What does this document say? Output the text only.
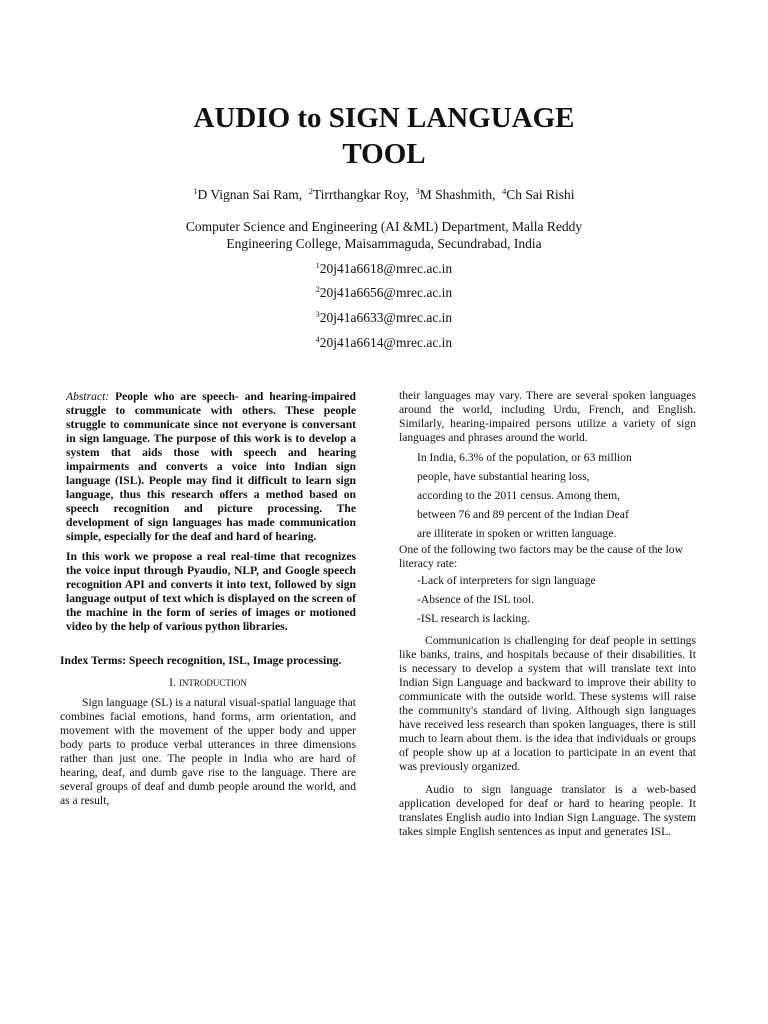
AUDIO to SIGN LANGUAGE
TOOL
$^1$D Vignan Sai Ram, $^2$Tirrthangkar Roy, $^3$M Shashmith, $^4$Ch Sai Rishi
Computer Science and Engineering (AI &ML) Department, Malla Reddy
Engineering College, Maisammaguda, Secundrabad, India
$^1$20j41a6618@mrec.ac.in
$^2$20j41a6656@mrec.ac.in
$^3$20j41a6633@mrec.ac.in
$^4$20j41a6614@mrec.ac.in

Abstract: People who are speech- and hearing-impaired struggle to communicate with others. These people struggle to communicate since not everyone is conversant in sign language. The purpose of this work is to develop a system that aids those with speech and hearing impairments and converts a voice into Indian sign language (ISL). People may find it difficult to learn sign language, thus this research offers a method based on speech recognition and picture processing. The development of sign languages has made communication simple, especially for the deaf and hard of hearing.

In this work we propose a real real-time that recognizes the voice input through Pyaudio, NLP, and Google speech recognition API and converts it into text, followed by sign language output of text which is displayed on the screen of the machine in the form of series of images or motioned video by the help of various python libraries.

Index Terms: Speech recognition, ISL, Image processing.

I. INTRODUCTION

Sign language (SL) is a natural visual-spatial language that combines facial emotions, hand forms, arm orientation, and movement with the movement of the upper body and upper body parts to produce verbal utterances in three dimensions rather than just one. The people in India who are hard of hearing, deaf, and dumb gave rise to the language. There are several groups of deaf and dumb people around the world, and as a result,

their languages may vary. There are several spoken languages around the world, including Urdu, French, and English. Similarly, hearing-impaired persons utilize a variety of sign languages and phrases around the world.

In India, 6.3% of the population, or 63 million
people, have substantial hearing loss,
according to the 2011 census. Among them,
between 76 and 89 percent of the Indian Deaf
are illiterate in spoken or written language.

One of the following two factors may be the cause of the low literacy rate:

-Lack of interpreters for sign language
-Absence of the ISL tool.
-ISL research is lacking.

Communication is challenging for deaf people in settings like banks, trains, and hospitals because of their disabilities. It is necessary to develop a system that will translate text into Indian Sign Language and backward to improve their ability to communicate with the outside world. These systems will raise the community's standard of living. Although sign languages have received less research than spoken languages, there is still much to learn about them. is the idea that individuals or groups of people show up at a location to participate in an event that was previously organized.

Audio to sign language translator is a web-based application developed for deaf or hard to hearing people. It translates English audio into Indian Sign Language. The system takes simple English sentences as input and generates ISL.
